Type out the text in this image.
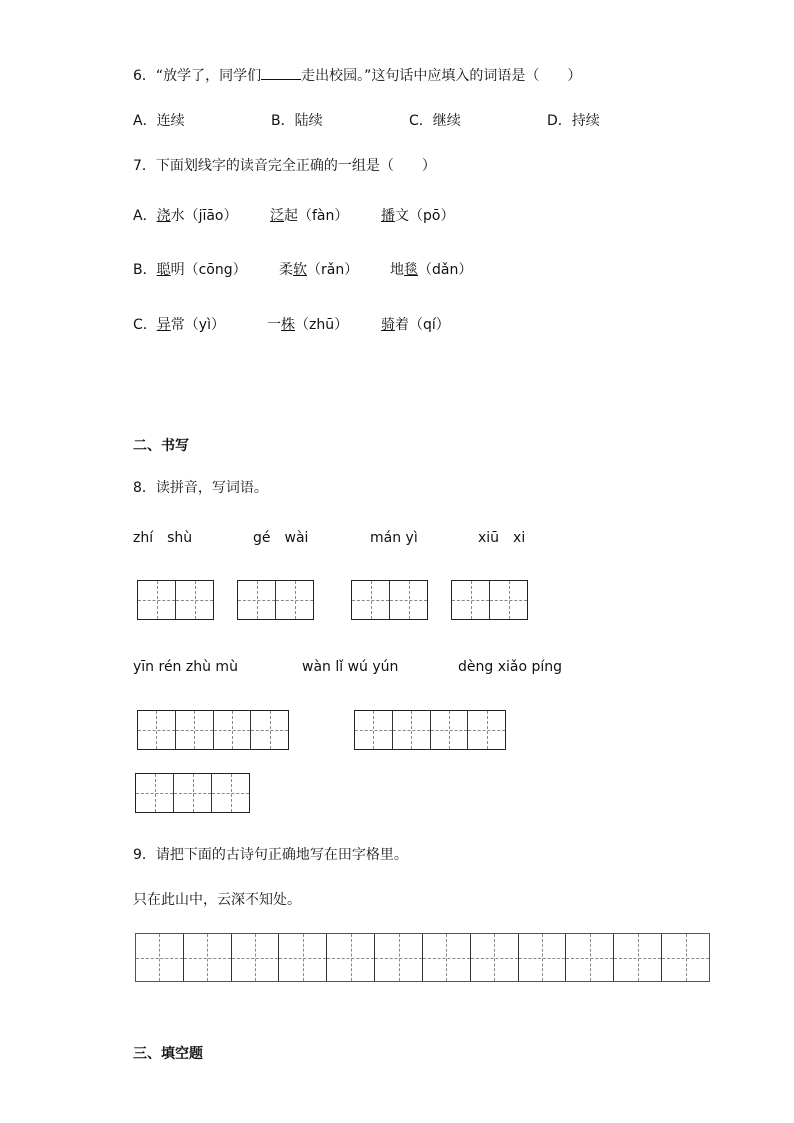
6．“放学了，同学们	走出校园。”这句话中应填入的词语是（　　）
A．连续	B．陆续	C．继续	D．持续
7．下面划线字的读音完全正确的一组是（　　）
A．浇水（jīāo） 泛起（fàn） 播文（pō）
B．聪明（cōng） 柔软（rǎn） 地毯（dǎn）
C．异常（yì）	一株（zhū） 骑着（qí）
二、书写
8．读拼音，写词语。
zhí　shù	gé　wài	mán yì	xiū　xi
yīn rén zhù mù	wàn lǐ wú yún	dèng xiǎo píng
9．请把下面的古诗句正确地写在田字格里。
只在此山中，云深不知处。
三、填空题
